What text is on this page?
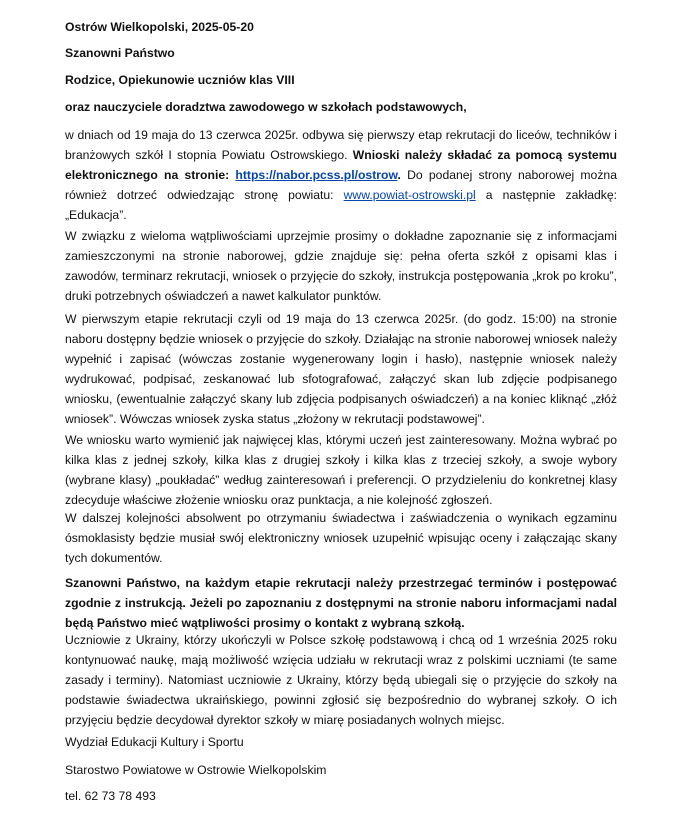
Ostrów Wielkopolski, 2025-05-20

Szanowni Państwo

Rodzice, Opiekunowie uczniów klas VIII

oraz nauczyciele doradztwa zawodowego w szkołach podstawowych,

w dniach od 19 maja do 13 czerwca 2025r. odbywa się pierwszy etap rekrutacji do liceów, techników i branżowych szkół I stopnia Powiatu Ostrowskiego. Wnioski należy składać za pomocą systemu elektronicznego na stronie: https://nabor.pcss.pl/ostrow. Do podanej strony naborowej można również dotrzeć odwiedzając stronę powiatu: www.powiat-ostrowski.pl a następnie zakładkę: „Edukacja”.

W związku z wieloma wątpliwościami uprzejmie prosimy o dokładne zapoznanie się z informacjami zamieszczonymi na stronie naborowej, gdzie znajduje się: pełna oferta szkół z opisami klas i zawodów, terminarz rekrutacji, wniosek o przyjęcie do szkoły, instrukcja postępowania „krok po kroku”, druki potrzebnych oświadczeń a nawet kalkulator punktów.

W pierwszym etapie rekrutacji czyli od 19 maja do 13 czerwca 2025r. (do godz. 15:00) na stronie naboru dostępny będzie wniosek o przyjęcie do szkoły. Działając na stronie naborowej wniosek należy wypełnić i zapisać (wówczas zostanie wygenerowany login i hasło), następnie wniosek należy wydrukować, podpisać, zeskanować lub sfotografować, załączyć skan lub zdjęcie podpisanego wniosku, (ewentualnie załączyć skany lub zdjęcia podpisanych oświadczeń) a na koniec kliknąć „złóż wniosek”. Wówczas wniosek zyska status „złożony w rekrutacji podstawowej”.

We wniosku warto wymienić jak najwięcej klas, którymi uczeń jest zainteresowany. Można wybrać po kilka klas z jednej szkoły, kilka klas z drugiej szkoły i kilka klas z trzeciej szkoły, a swoje wybory (wybrane klasy) „poukładać” według zainteresowań i preferencji. O przydzieleniu do konkretnej klasy zdecyduje właściwe złożenie wniosku oraz punktacja, a nie kolejność zgłoszeń.

W dalszej kolejności absolwent po otrzymaniu świadectwa i zaświadczenia o wynikach egzaminu ósmoklasisty będzie musiał swój elektroniczny wniosek uzupełnić wpisując oceny i załączając skany tych dokumentów.

Szanowni Państwo, na każdym etapie rekrutacji należy przestrzegać terminów i postępować zgodnie z instrukcją. Jeżeli po zapoznaniu z dostępnymi na stronie naboru informacjami nadal będą Państwo mieć wątpliwości prosimy o kontakt z wybraną szkołą.

Uczniowie z Ukrainy, którzy ukończyli w Polsce szkołę podstawową i chcą od 1 września 2025 roku kontynuować naukę, mają możliwość wzięcia udziału w rekrutacji wraz z polskimi uczniami (te same zasady i terminy). Natomiast uczniowie z Ukrainy, którzy będą ubiegali się o przyjęcie do szkoły na podstawie świadectwa ukraińskiego, powinni zgłosić się bezpośrednio do wybranej szkoły. O ich przyjęciu będzie decydował dyrektor szkoły w miarę posiadanych wolnych miejsc.

Wydział Edukacji Kultury i Sportu

Starostwo Powiatowe w Ostrowie Wielkopolskim

tel. 62 73 78 493
